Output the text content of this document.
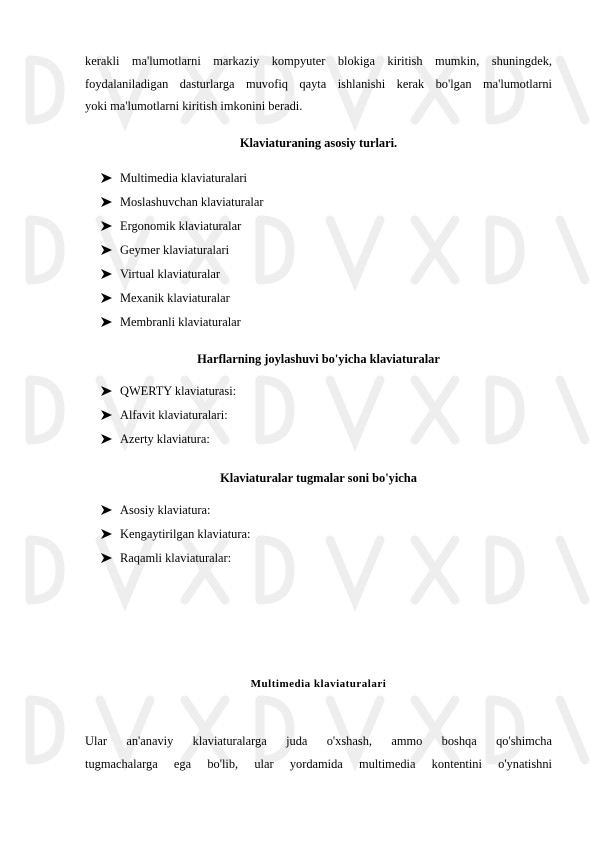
kerakli ma'lumotlarni markaziy kompyuter blokiga kiritish mumkin, shuningdek,
foydalaniladigan dasturlarga muvofiq qayta ishlanishi kerak bo'lgan ma'lumotlarni
yoki ma'lumotlarni kiritish imkonini beradi.
Klaviaturaning asosiy turlari.
Multimedia klaviaturalari
Moslashuvchan klaviaturalar
Ergonomik klaviaturalar
Geymer klaviaturalari
Virtual klaviaturalar
Mexanik klaviaturalar
Membranli klaviaturalar
Harflarning joylashuvi bo'yicha klaviaturalar
QWERTY klaviaturasi:
Alfavit klaviaturalari:
Azerty klaviatura:
Klaviaturalar tugmalar soni bo'yicha
Asosiy klaviatura:
Kengaytirilgan klaviatura:
Raqamli klaviaturalar:
Multimedia klaviaturalari
Ular an'anaviy klaviaturalarga juda o'xshash, ammo boshqa qo'shimcha
tugmachalarga ega bo'lib, ular yordamida multimedia kontentini o'ynatishni
